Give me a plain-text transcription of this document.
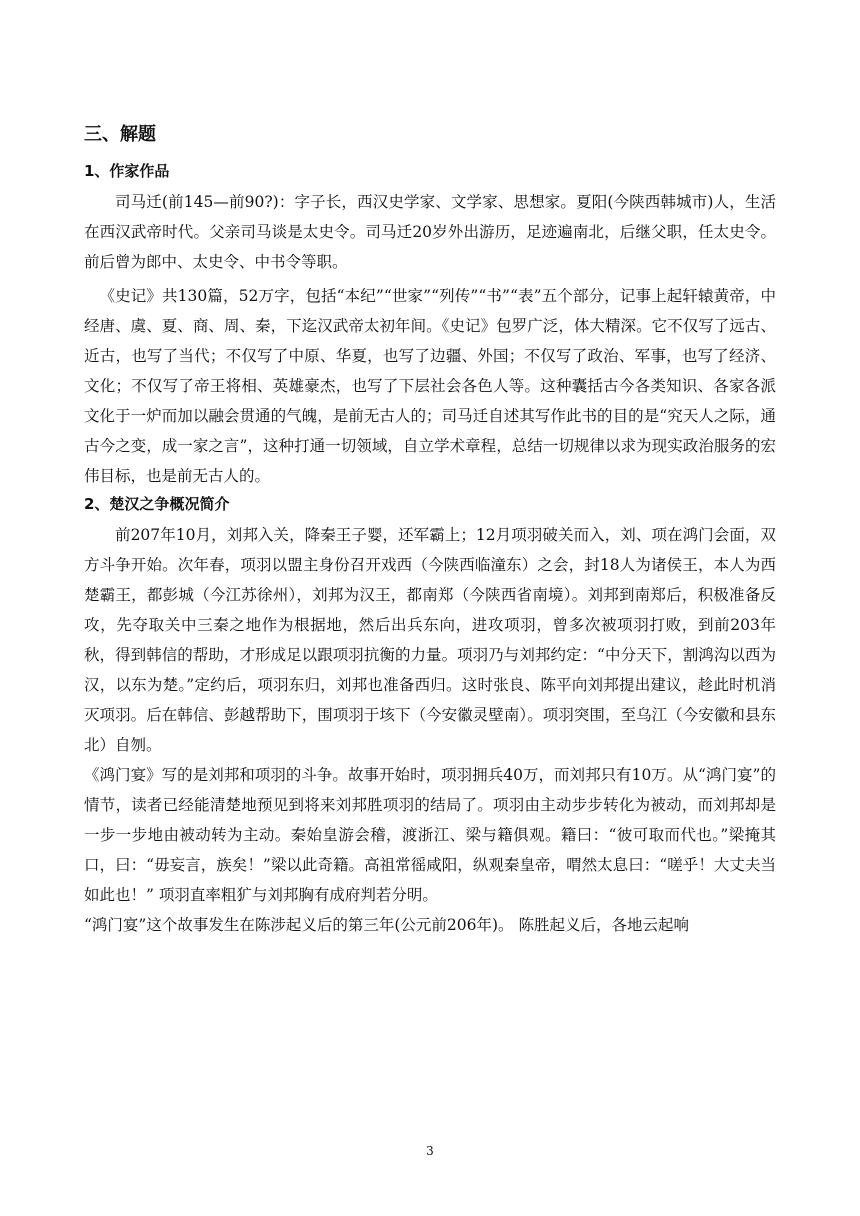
三、解题
1、作家作品

司马迁(前145—前90?)：字子长，西汉史学家、文学家、思想家。夏阳(今陕西韩城市)人，生活在西汉武帝时代。父亲司马谈是太史令。司马迁20岁外出游历，足迹遍南北，后继父职，任太史令。前后曾为郎中、太史令、中书令等职。

《史记》共130篇，52万字，包括“本纪”“世家”“列传”“书”“表”五个部分，记事上起轩辕黄帝，中经唐、虞、夏、商、周、秦，下迄汉武帝太初年间。《史记》包罗广泛，体大精深。它不仅写了远古、近古，也写了当代；不仅写了中原、华夏，也写了边疆、外国；不仅写了政治、军事，也写了经济、文化；不仅写了帝王将相、英雄豪杰，也写了下层社会各色人等。这种囊括古今各类知识、各家各派文化于一炉而加以融会贯通的气魄，是前无古人的；司马迁自述其写作此书的目的是“究天人之际，通古今之变，成一家之言”，这种打通一切领域，自立学术章程，总结一切规律以求为现实政治服务的宏伟目标，也是前无古人的。

2、楚汉之争概况简介

前207年10月，刘邦入关，降秦王子婴，还军霸上；12月项羽破关而入，刘、项在鸿门会面，双方斗争开始。次年春，项羽以盟主身份召开戏西（今陕西临潼东）之会，封18人为诸侯王，本人为西楚霸王，都彭城（今江苏徐州），刘邦为汉王，都南郑（今陕西省南境）。刘邦到南郑后，积极准备反攻，先夺取关中三秦之地作为根据地，然后出兵东向，进攻项羽，曾多次被项羽打败，到前203年秋，得到韩信的帮助，才形成足以跟项羽抗衡的力量。项羽乃与刘邦约定：“中分天下，割鸿沟以西为汉，以东为楚。”定约后，项羽东归，刘邦也准备西归。这时张良、陈平向刘邦提出建议，趁此时机消灭项羽。后在韩信、彭越帮助下，围项羽于垓下（今安徽灵壁南）。项羽突围，至乌江（今安徽和县东北）自刎。

《鸿门宴》写的是刘邦和项羽的斗争。故事开始时，项羽拥兵40万，而刘邦只有10万。从“鸿门宴”的情节，读者已经能清楚地预见到将来刘邦胜项羽的结局了。项羽由主动步步转化为被动，而刘邦却是一步一步地由被动转为主动。秦始皇游会稽，渡浙江、梁与籍俱观。籍曰：“彼可取而代也。”梁掩其口，曰：“毋妄言，族矣！”梁以此奇籍。高祖常徭咸阳，纵观秦皇帝，喟然太息曰：“嗟乎！大丈夫当如此也！” 项羽直率粗犷与刘邦胸有成府判若分明。

“鸿门宴”这个故事发生在陈涉起义后的第三年(公元前206年)。 陈胜起义后，各地云起响

3
